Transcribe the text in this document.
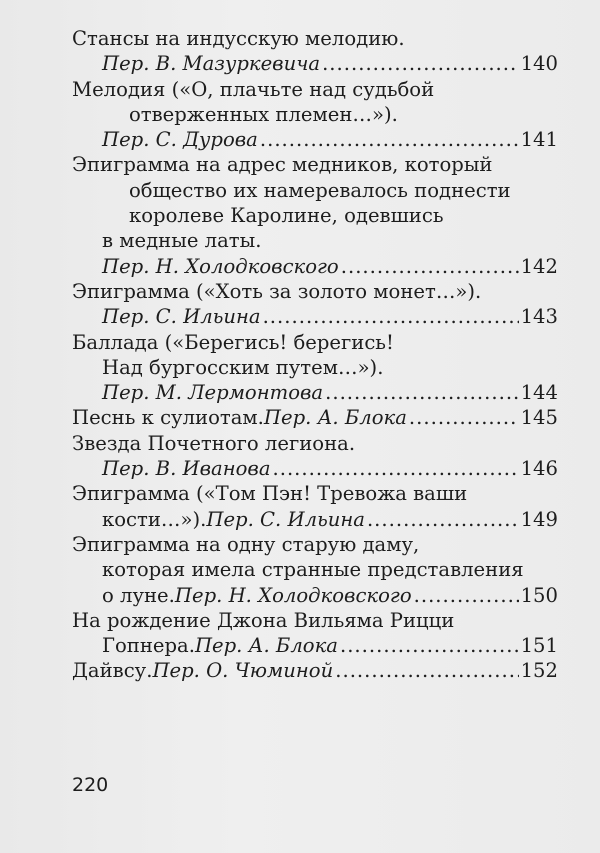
Стансы на индусскую мелодию.
Пер. В. Мазуркевича .....	140
Мелодия («О, плачьте над судьбой
отверженных племен…»).
Пер. С. Дурова .....	141
Эпиграмма на адрес медников, который
общество их намеревалось поднести
королеве Каролине, одевшись
в медные латы.
Пер. Н. Холодковского .....	142
Эпиграмма («Хоть за золото монет…»).
Пер. С. Ильина .....	143
Баллада («Берегись! берегись!
Над бургосским путем…»).
Пер. М. Лермонтова .....	144
Песнь к сулиотам. Пер. А. Блока .....	145
Звезда Почетного легиона.
Пер. В. Иванова .....	146
Эпиграмма («Том Пэн! Тревожа ваши
кости…»). Пер. С. Ильина .....	149
Эпиграмма на одну старую даму,
которая имела странные представления
о луне. Пер. Н. Холодковского .....	150
На рождение Джона Вильяма Рицци
Гопнера. Пер. А. Блока .....	151
Дайвсу. Пер. О. Чюминой .....	152
220
